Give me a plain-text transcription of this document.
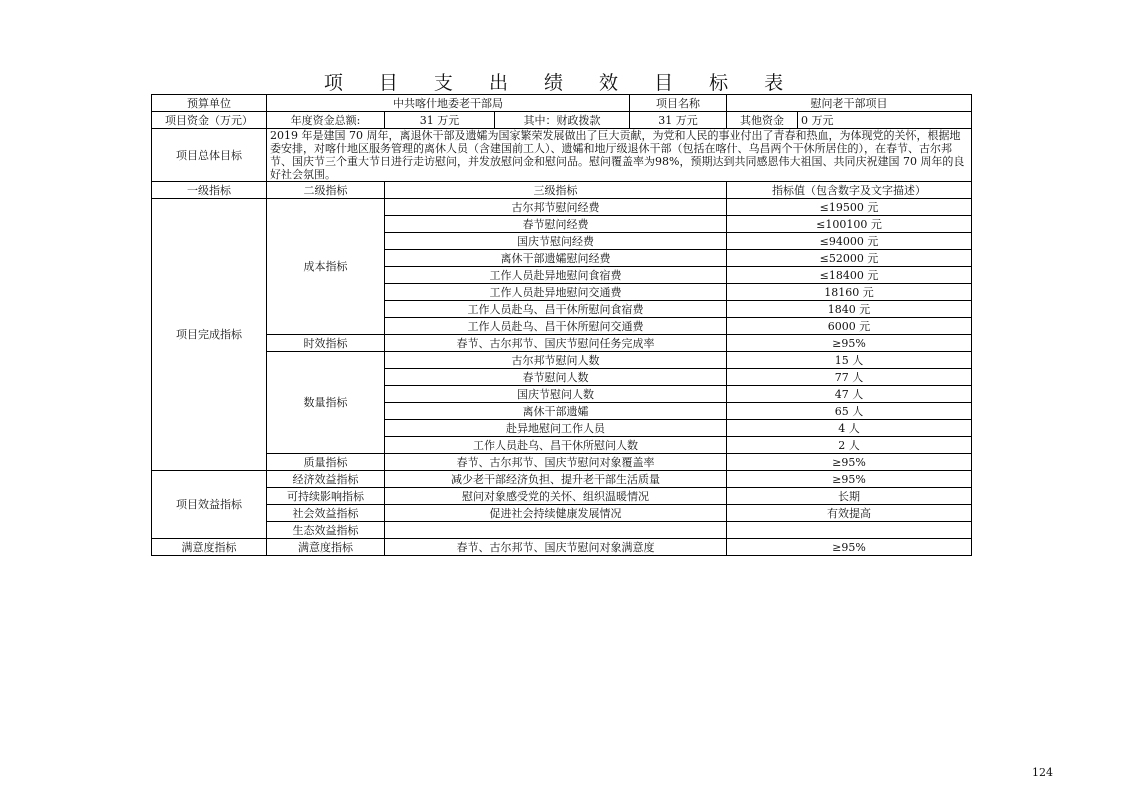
项 目 支 出 绩 效 目 标 表
预算单位	中共喀什地委老干部局			项目名称	慰问老干部项目	
项目资金（万元）	年度资金总额:	31 万元	其中：财政拨款	31 万元	其他资金	0 万元
项目总体目标	2019 年是建国 70 周年，离退休干部及遗孀为国家繁荣发展做出了巨大贡献，为党和人民的事业付出了青春和热血，为体现党的关怀，根据地委安排，对喀什地区服务管理的离休人员（含建国前工人）、遗孀和地厅级退休干部（包括在喀什、乌昌两个干休所居住的），在春节、古尔邦节、国庆节三个重大节日进行走访慰问，并发放慰问金和慰问品。慰问覆盖率为98%，预期达到共同感恩伟大祖国、共同庆祝建国 70 周年的良好社会氛围。					
一级指标	二级指标	三级指标			指标值（包含数字及文字描述）	
项目完成指标	成本指标	古尔邦节慰问经费			≤19500 元	
		春节慰问经费			≤100100 元	
		国庆节慰问经费			≤94000 元	
		离休干部遗孀慰问经费			≤52000 元	
		工作人员赴异地慰问食宿费			≤18400 元	
		工作人员赴异地慰问交通费			18160 元	
		工作人员赴乌、昌干休所慰问食宿费			1840 元	
		工作人员赴乌、昌干休所慰问交通费			6000 元	
	时效指标	春节、古尔邦节、国庆节慰问任务完成率			≥95%	
	数量指标	古尔邦节慰问人数			15 人	
		春节慰问人数			77 人	
		国庆节慰问人数			47 人	
		离休干部遗孀			65 人	
		赴异地慰问工作人员			4 人	
		工作人员赴乌、昌干休所慰问人数			2 人	
	质量指标	春节、古尔邦节、国庆节慰问对象覆盖率			≥95%	
项目效益指标	经济效益指标	减少老干部经济负担、提升老干部生活质量			≥95%	
	可持续影响指标	慰问对象感受党的关怀、组织温暖情况			长期	
	社会效益指标	促进社会持续健康发展情况			有效提高	
	生态效益指标					
满意度指标	满意度指标	春节、古尔邦节、国庆节慰问对象满意度			≥95%	
124
